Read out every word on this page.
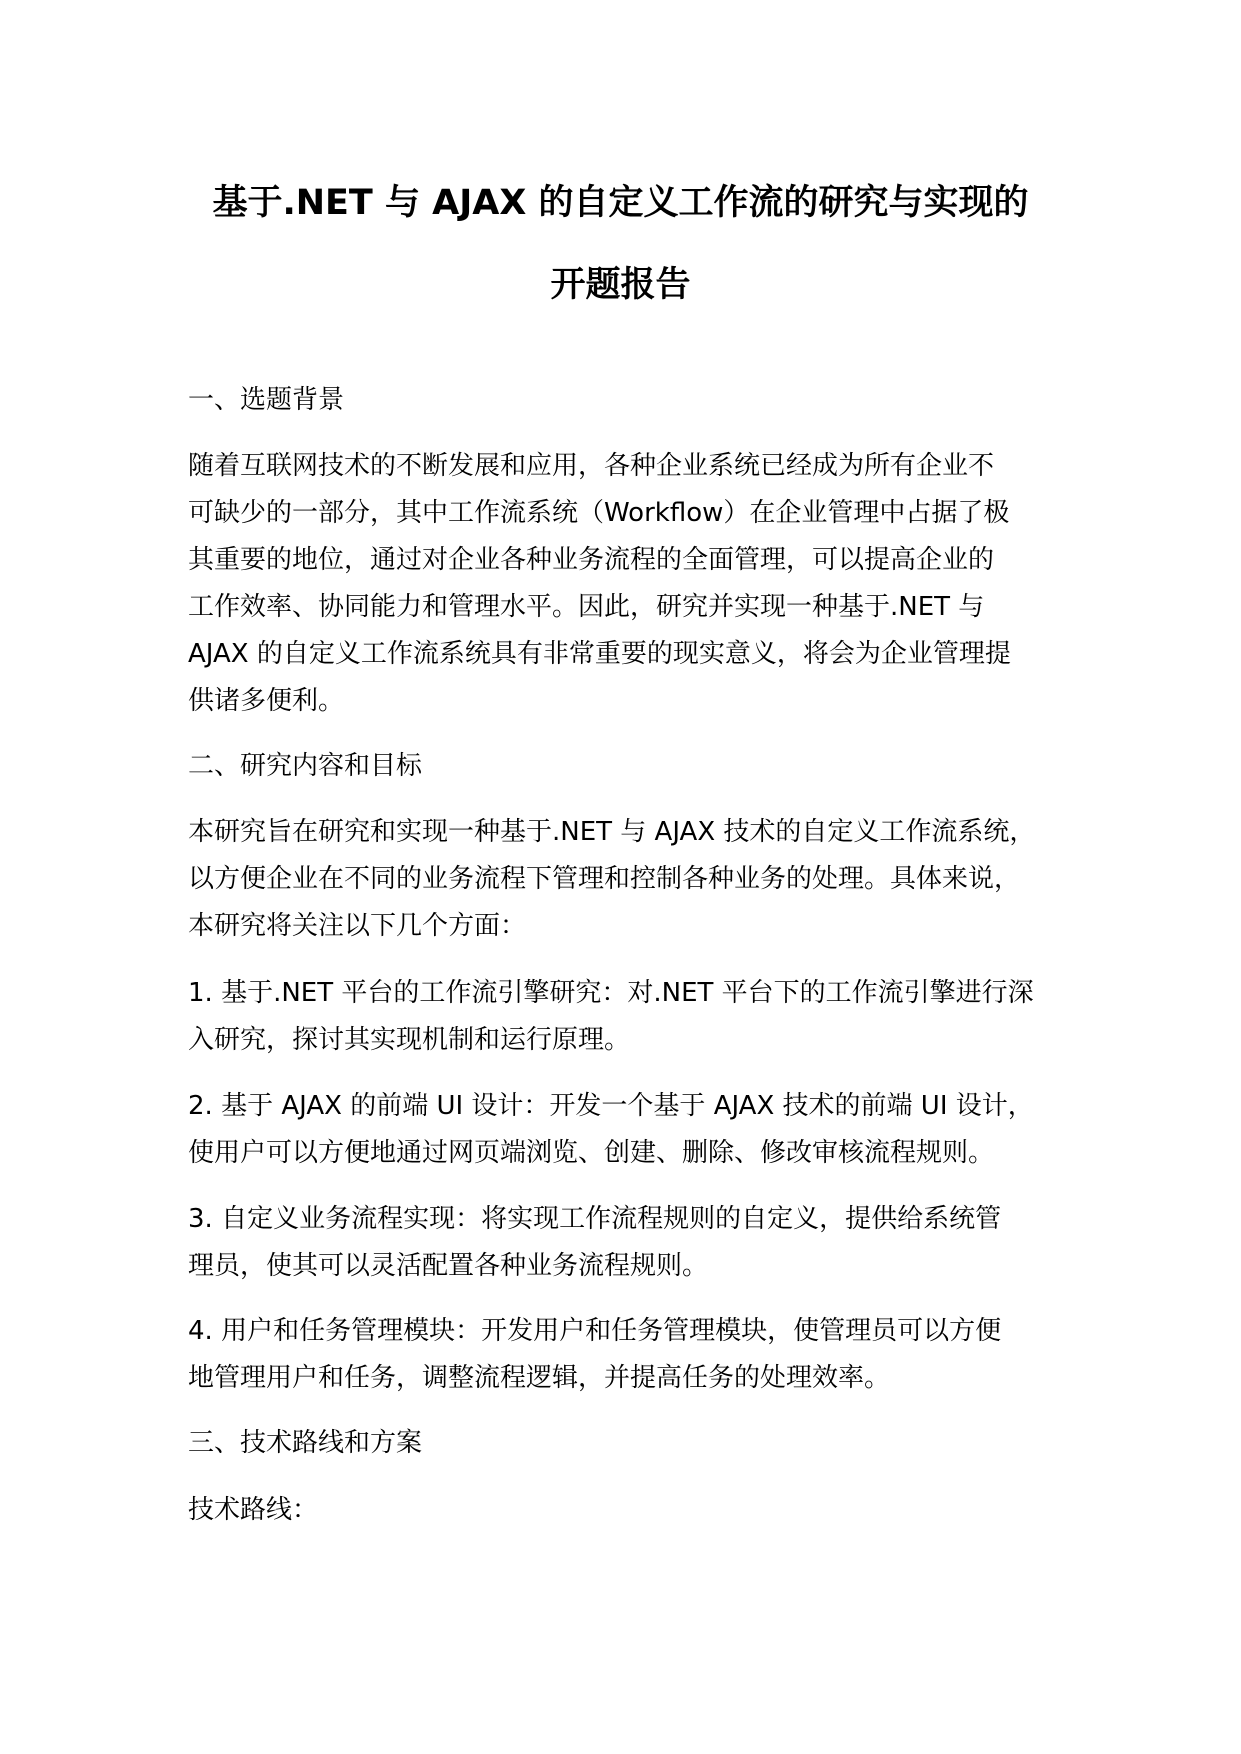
基于.NET 与 AJAX 的自定义工作流的研究与实现的
开题报告
一、选题背景
随着互联网技术的不断发展和应用，各种企业系统已经成为所有企业不
可缺少的一部分，其中工作流系统（Workflow）在企业管理中占据了极
其重要的地位，通过对企业各种业务流程的全面管理，可以提高企业的
工作效率、协同能力和管理水平。因此，研究并实现一种基于.NET 与
AJAX 的自定义工作流系统具有非常重要的现实意义，将会为企业管理提
供诸多便利。
二、研究内容和目标
本研究旨在研究和实现一种基于.NET 与 AJAX 技术的自定义工作流系统，
以方便企业在不同的业务流程下管理和控制各种业务的处理。具体来说，
本研究将关注以下几个方面：
1. 基于.NET 平台的工作流引擎研究：对.NET 平台下的工作流引擎进行深
入研究，探讨其实现机制和运行原理。
2. 基于 AJAX 的前端 UI 设计：开发一个基于 AJAX 技术的前端 UI 设计，
使用户可以方便地通过网页端浏览、创建、删除、修改审核流程规则。
3. 自定义业务流程实现：将实现工作流程规则的自定义，提供给系统管
理员，使其可以灵活配置各种业务流程规则。
4. 用户和任务管理模块：开发用户和任务管理模块，使管理员可以方便
地管理用户和任务，调整流程逻辑，并提高任务的处理效率。
三、技术路线和方案
技术路线：
